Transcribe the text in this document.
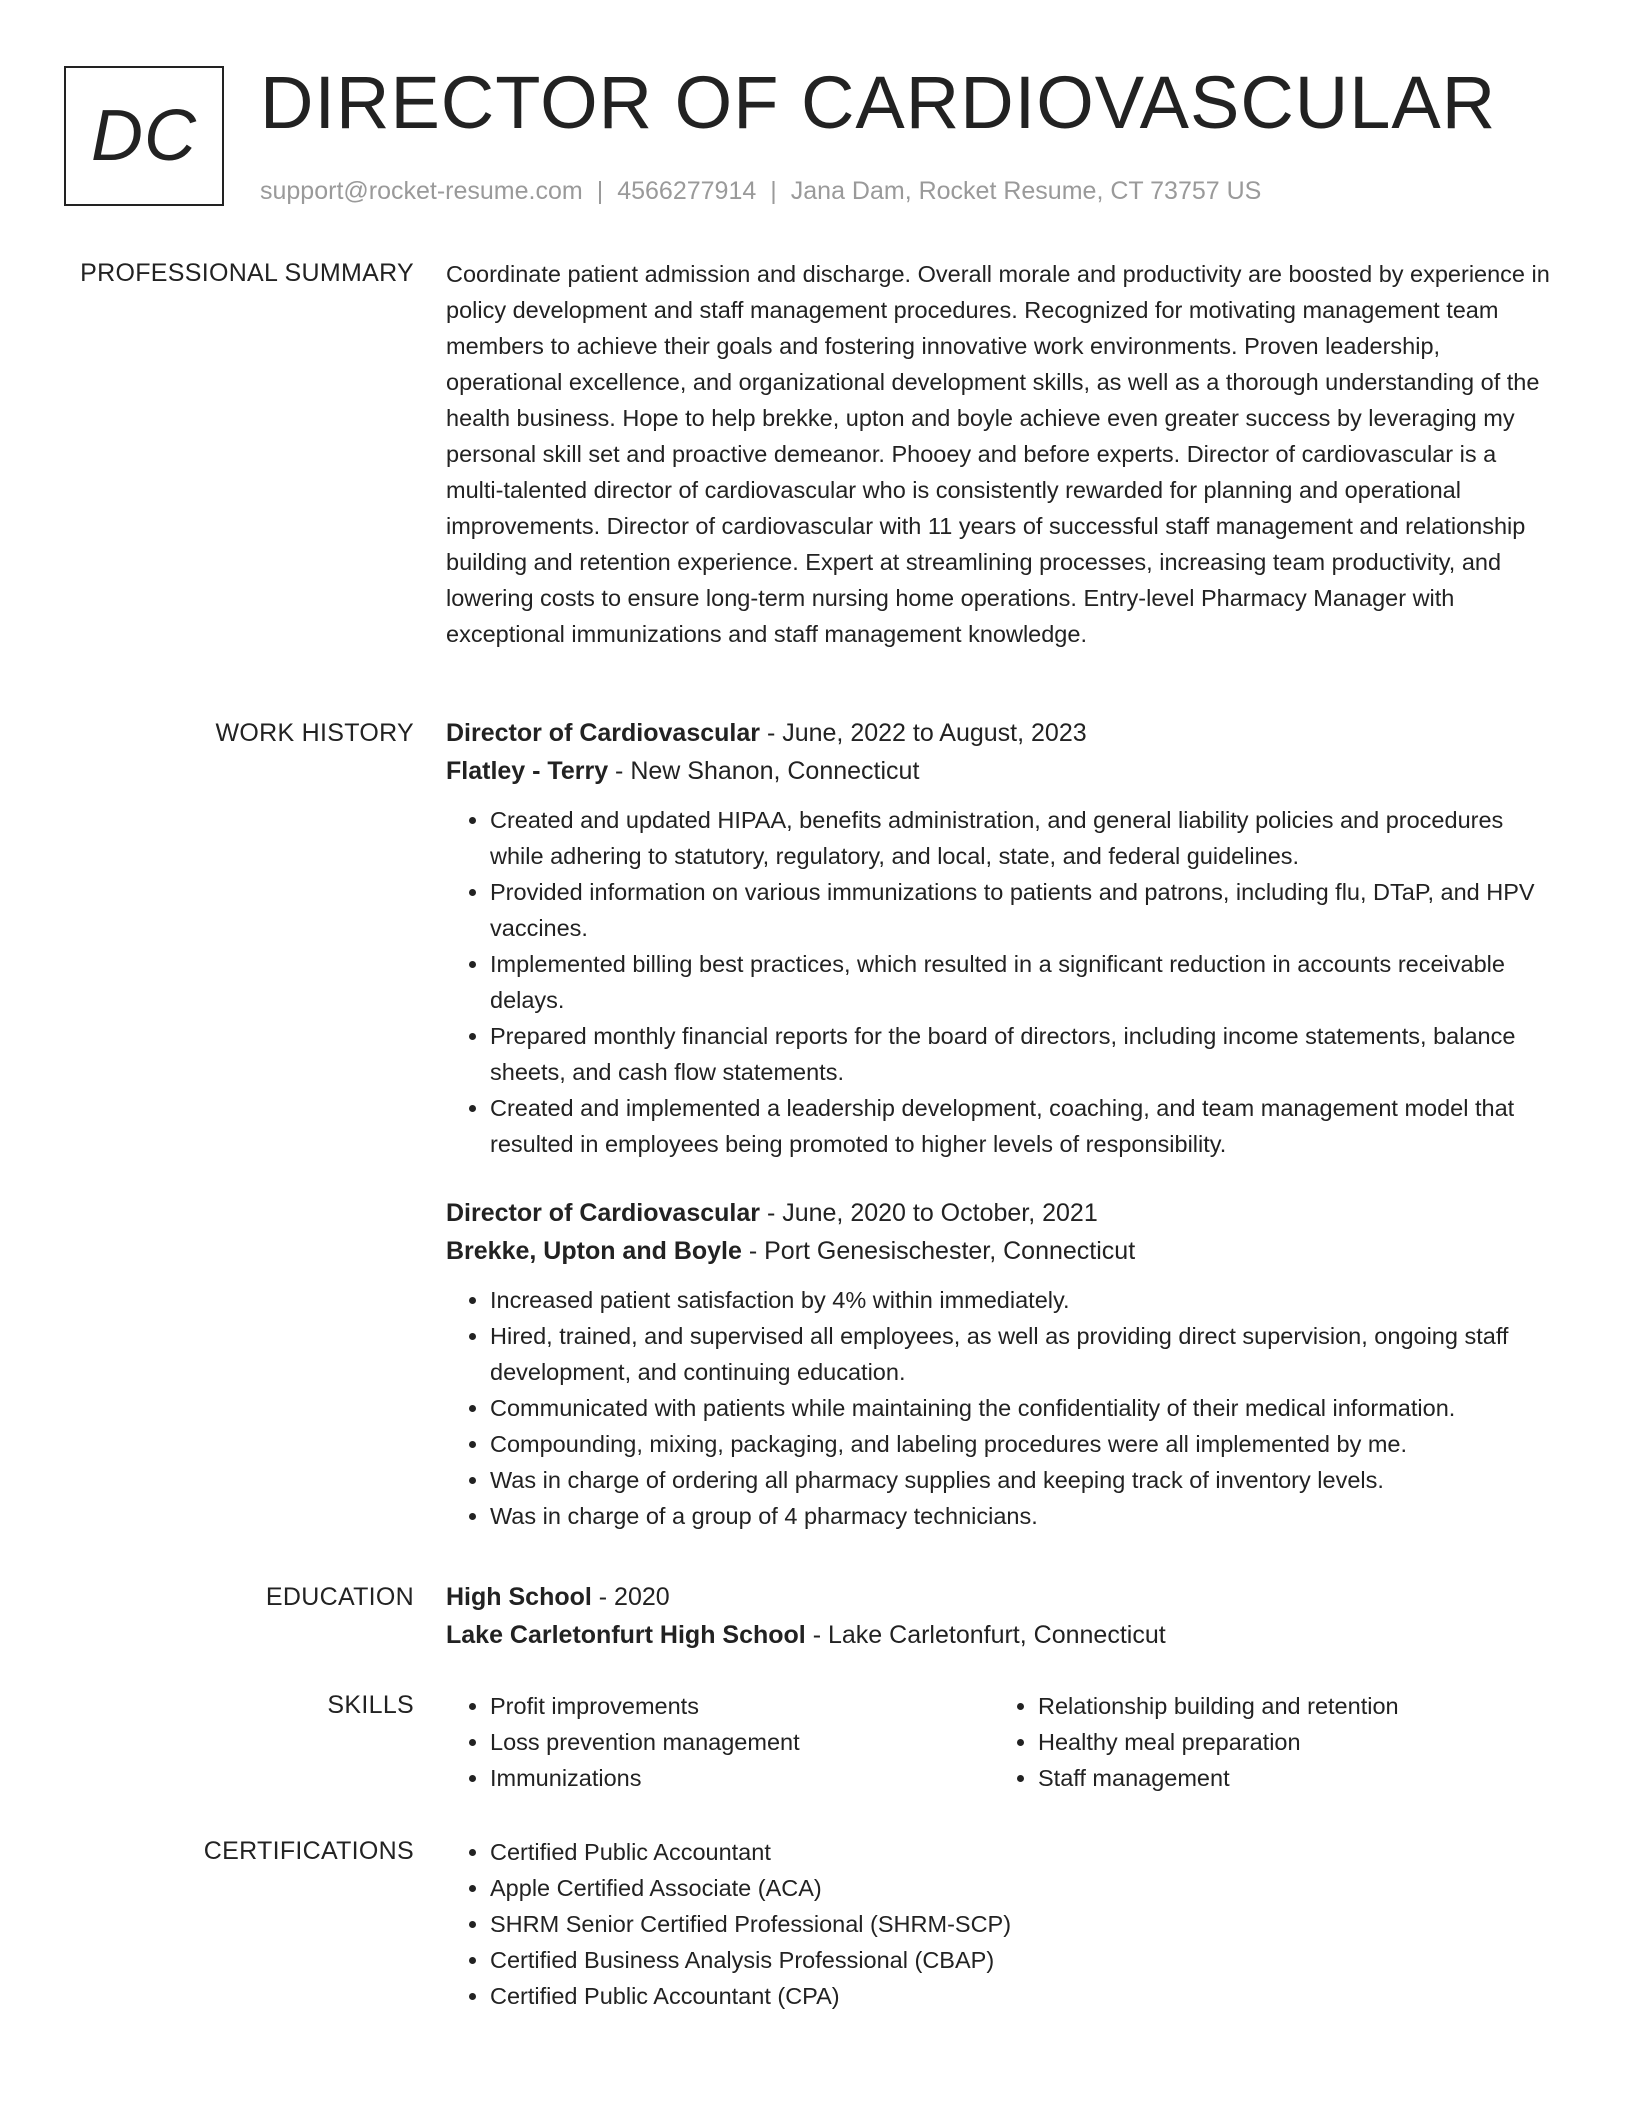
DC DIRECTOR OF CARDIOVASCULAR
support@rocket-resume.com | 4566277914 | Jana Dam, Rocket Resume, CT 73757 US
PROFESSIONAL SUMMARY Coordinate patient admission and discharge. Overall morale and productivity are boosted by experience in policy development and staff management procedures. Recognized for motivating management team members to achieve their goals and fostering innovative work environments. Proven leadership, operational excellence, and organizational development skills, as well as a thorough understanding of the health business. Hope to help brekke, upton and boyle achieve even greater success by leveraging my personal skill set and proactive demeanor. Phooey and before experts. Director of cardiovascular is a multi-talented director of cardiovascular who is consistently rewarded for planning and operational improvements. Director of cardiovascular with 11 years of successful staff management and relationship building and retention experience. Expert at streamlining processes, increasing team productivity, and lowering costs to ensure long-term nursing home operations. Entry-level Pharmacy Manager with exceptional immunizations and staff management knowledge.

WORK HISTORY Director of Cardiovascular - June, 2022 to August, 2023

Flatley - Terry - New Shanon, Connecticut

• Created and updated HIPAA, benefits administration, and general liability policies and procedures while adhering to statutory, regulatory, and local, state, and federal guidelines.
• Provided information on various immunizations to patients and patrons, including flu, DTaP, and HPV vaccines.
• Implemented billing best practices, which resulted in a significant reduction in accounts receivable delays.
• Prepared monthly financial reports for the board of directors, including income statements, balance sheets, and cash flow statements.
• Created and implemented a leadership development, coaching, and team management model that resulted in employees being promoted to higher levels of responsibility.

Director of Cardiovascular - June, 2020 to October, 2021

Brekke, Upton and Boyle - Port Genesischester, Connecticut

• Increased patient satisfaction by 4% within immediately.
• Hired, trained, and supervised all employees, as well as providing direct supervision, ongoing staff development, and continuing education.
• Communicated with patients while maintaining the confidentiality of their medical information.
• Compounding, mixing, packaging, and labeling procedures were all implemented by me.
• Was in charge of ordering all pharmacy supplies and keeping track of inventory levels.
• Was in charge of a group of 4 pharmacy technicians.
EDUCATION High School - 2020

Lake Carletonfurt High School - Lake Carletonfurt, Connecticut

SKILLS	• Profit improvements
• Loss prevention management
• Immunizations
• Relationship building and retention
• Healthy meal preparation
• Staff management
CERTIFICATIONS	• Certified Public Accountant
• Apple Certified Associate (ACA)
• SHRM Senior Certified Professional (SHRM-SCP)
• Certified Business Analysis Professional (CBAP)
• Certified Public Accountant (CPA)
